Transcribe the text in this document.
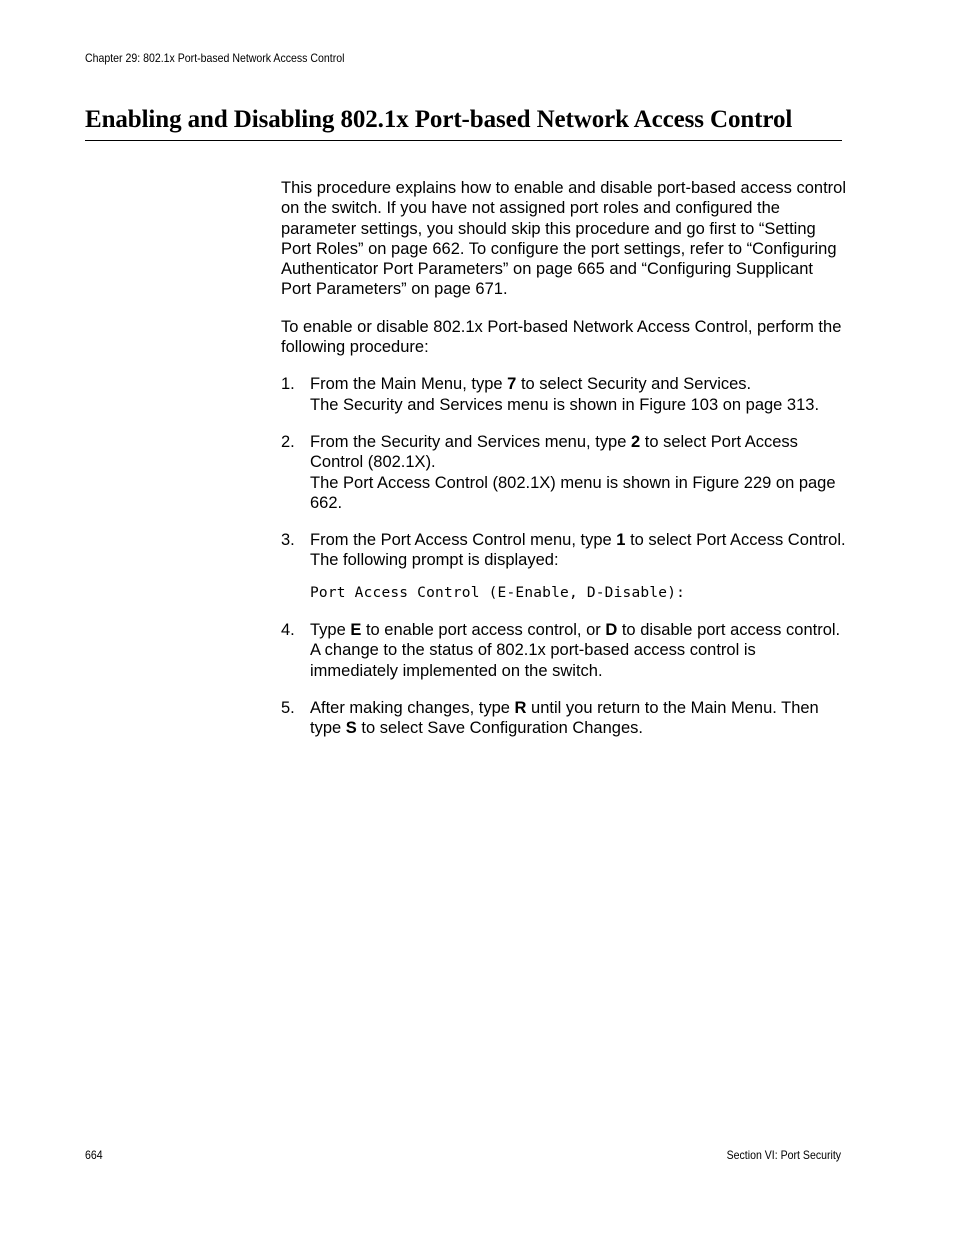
Chapter 29: 802.1x Port-based Network Access Control
Enabling and Disabling 802.1x Port-based Network Access Control

This procedure explains how to enable and disable port-based access control on the switch. If you have not assigned port roles and configured the parameter settings, you should skip this procedure and go first to “Setting Port Roles” on page 662. To configure the port settings, refer to “Configuring Authenticator Port Parameters” on page 665 and “Configuring Supplicant Port Parameters” on page 671.

To enable or disable 802.1x Port-based Network Access Control, perform the following procedure:

1. From the Main Menu, type 7 to select Security and Services.

The Security and Services menu is shown in Figure 103 on page 313.

2. From the Security and Services menu, type 2 to select Port Access Control (802.1X).

The Port Access Control (802.1X) menu is shown in Figure 229 on page 662.

3. From the Port Access Control menu, type 1 to select Port Access Control.

The following prompt is displayed:

Port Access Control (E-Enable, D-Disable):
4. Type E to enable port access control, or D to disable port access control.

A change to the status of 802.1x port-based access control is immediately implemented on the switch.

5. After making changes, type R until you return to the Main Menu. Then type S to select Save Configuration Changes.

664	Section VI: Port Security
